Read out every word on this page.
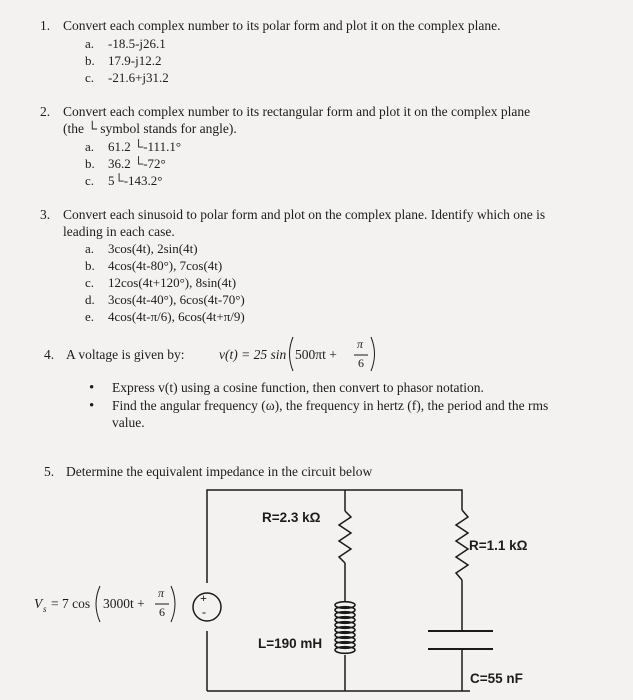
1. Convert each complex number to its polar form and plot it on the complex plane.
a. -18.5-j26.1
b. 17.9-j12.2
c. -21.6+j31.2
2. Convert each complex number to its rectangular form and plot it on the complex plane
(the └ symbol stands for angle).
a. 61.2 └-111.1°
b. 36.2 └-72°
c. 5└-143.2°
3. Convert each sinusoid to polar form and plot on the complex plane. Identify which one is
leading in each case.
a. 3cos(4t), 2sin(4t)
b. 4cos(4t-80°), 7cos(4t)
c. 12cos(4t+120°), 8sin(4t)
d. 3cos(4t-40°), 6cos(4t-70°)
e. 4cos(4t-π/6), 6cos(4t+π/9)
4. A voltage is given by:	v(t) = 25 sin 500πt +
π
6
• Express v(t) using a cosine function, then convert to phasor notation.
• Find the angular frequency (ω), the frequency in hertz (f), the period and the rms
value.
5. Determine the equivalent impedance in the circuit below
R=2.3 kΩ
R=1.1 kΩ
L=190 mH
C=55 nF
+
-
V s = 7 cos 3000t +
π
6
